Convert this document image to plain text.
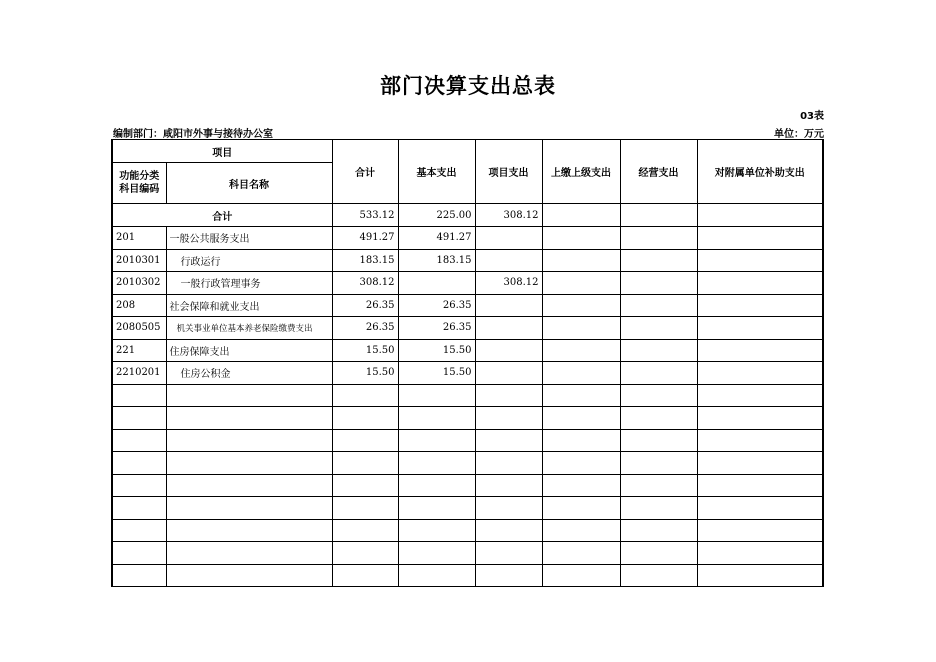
部门决算支出总表
03表
编制部门：咸阳市外事与接待办公室	单位：万元
项目		合计	基本支出	项目支出	上缴上级支出	经营支出	对附属单位补助支出
功能分类
科目编码	科目名称						
合计		533.12	225.00	308.12			
201	一般公共服务支出	491.27	491.27				
2010301	行政运行	183.15	183.15				
2010302	一般行政管理事务	308.12		308.12			
208	社会保障和就业支出	26.35	26.35				
2080505	机关事业单位基本养老保险缴费支出	26.35	26.35				
221	住房保障支出	15.50	15.50				
2210201	住房公积金	15.50	15.50				
